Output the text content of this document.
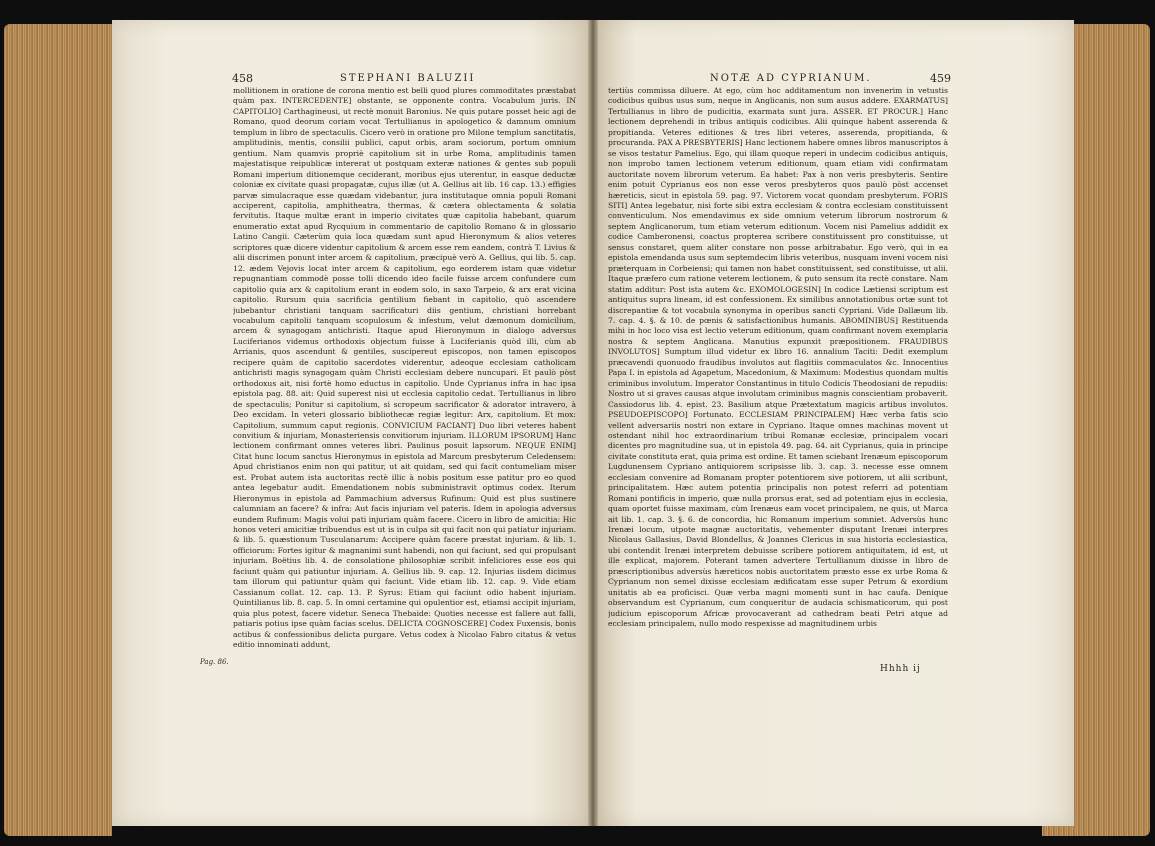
458	STEPHANI BALUZII
Pag. 86.

mollitionem in oratione de corona mentio est belli quod plures commoditates præstabat quàm pax. INTERCEDENTE] obstante, se opponente contra. Vocabulum juris. IN CAPITOLIO] Carthagineusi, ut rectè monuit Baronius. Ne quis putare posset heic agi de Romano, quod deorum coriam vocat Tertullianus in apologetico & damnum omnium templum in libro de spectaculis. Cicero verò in oratione pro Milone templum sanctitatis, amplitudinis, mentis, consilii publici, caput orbis, aram sociorum, portum omnium gentium. Nam quamvis propriè capitolium sit in urbe Roma, amplitudinis tamen majestatisque reipublicæ intererat ut postquam exteræ nationes & gentes sub populi Romani imperium ditionemque ceciderant, moribus ejus uterentur, in easque deductæ coloniæ ex civitate quasi propagatæ, cujus illæ (ut A. Gellius ait lib. 16 cap. 13.) effigies parvæ simulacraque esse quædam videbantur, jura institutaque omnia populi Romani acciperent, capitolia, amphitheatra, thermas, & cætera oblectamenta & solatia fervitutis. Itaque multæ erant in imperio civitates quæ capitolia habebant, quarum enumeratio extat apud Rycquium in commentario de capitolio Romano & in glossario Latino Cangii. Cæterùm quia loca quædam sunt apud Hieronymum & alios veteres scriptores quæ dicere videntur capitolium & arcem esse rem eandem, contrà T. Livius & alii discrimen ponunt inter arcem & capitolium, præcipuè verò A. Gellius, qui lib. 5. cap. 12. ædem Vejovis locat inter arcem & capitolium, ego eorderem istam quæ videtur repugnantiam commodè posse tolli dicendo ideo facile fuisse arcem confundere cum capitolio quia arx & capitolium erant in eodem solo, in saxo Tarpeio, & arx erat vicina capitolio. Rursum quia sacrificia gentilium fiebant in capitolio, quò ascendere jubebantur christiani tanquam sacrificaturi diis gentium, christiani horrebant vocabulum capitolii tanquam scopulosum & infestum, velut dæmonum domicilium, arcem & synagogam antichristi. Itaque apud Hieronymum in dialogo adversus Luciferianos videmus orthodoxis objectum fuisse à Luciferianis quòd illi, cùm ab Arrianis, quos ascendunt & gentiles, suscipereut episcopos, non tamen episcopos recipere quàm de capitolio sacerdotes viderentur, adeoque ecclesiam catholicam antichristi magis synagogam quàm Christi ecclesiam debere nuncupari. Et paulò pòst orthodoxus ait, nisi fortè homo eductus in capitolio. Unde Cyprianus infra in hac ipsa epistola pag. 88. ait: Quid superest nisi ut ecclesia capitolio cedat. Tertullianus in libro de spectaculis; Ponitur si capitolium, si scropeum sacrificator & adorator intravero, à Deo excidam. In veteri glossario bibliothecæ regiæ legitur: Arx, capitolium. Et mox: Capitolium, summum caput regionis. CONVICIUM FACIANT] Duo libri veteres habent convitium & injuriam, Monasteriensis convitiorum injuriam. ILLORUM IPSORUM] Hanc lectionem confirmant omnes veteres libri. Paulinus posuit lapsorum. NEQUE ENIM] Citat hunc locum sanctus Hieronymus in epistola ad Marcum presbyterum Celedensem: Apud christianos enim non qui patitur, ut ait quidam, sed qui facit contumeliam miser est. Probat autem ista auctoritas rectè illic à nobis positum esse patitur pro eo quod antea legebatur audit. Emendationem nobis subministravit optimus codex. Iterum Hieronymus in epistola ad Pammachium adversus Rufinum: Quid est plus sustinere calumniam an facere? & infra: Aut facis injuriam vel pateris. Idem in apologia adversus eundem Rufinum: Magis volui pati injuriam quàm facere. Cicero in libro de amicitia: Hic honos veteri amicitiæ tribuendus est ut is in culpa sit qui facit non qui patiatur injuriam. & lib. 5. quæstionum Tusculanarum: Accipere quàm facere præstat injuriam. & lib. 1. officiorum: Fortes igitur & magnanimi sunt habendi, non qui faciunt, sed qui propulsant injuriam. Boëtius lib. 4. de consolatione philosophiæ scribit infeliciores esse eos qui faciunt quàm qui patiuntur injuriam. A. Gellius lib. 9. cap. 12. Injurias iisdem dicimus tam illorum qui patiuntur quàm qui faciunt. Vide etiam lib. 12. cap. 9. Vide etiam Cassianum collat. 12. cap. 13. P. Syrus: Etiam qui faciunt odio habent injuriam. Quintilianus lib. 8. cap. 5. In omni certamine qui opulentior est, etiamsi accipit injuriam, quia plus potest, facere videtur. Seneca Thebaide: Quoties necesse est fallere aut falli, patiaris potius ipse quàm facias scelus. DELICTA COGNOSCERE] Codex Fuxensis, bonis actibus & confessionibus delicta purgare. Vetus codex à Nicolao Fabro citatus & vetus editio innominati addunt,

NOTÆ AD CYPRIANUM.	459

tertiùs commissa diluere. At ego, cùm hoc additamentum non invenerim in vetustis codicibus quibus usus sum, neque in Anglicanis, non sum ausus addere. EXARMATUS] Tertullianus in libro de pudicitia, exarmata sunt jura. ASSER. ET PROCUR.] Hanc lectionem deprehendi in tribus antiquis codicibus. Alii quinque habent asserenda & propitianda. Veteres editiones & tres libri veteres, asserenda, propitianda, & procuranda. PAX A PRESBYTERIS] Hanc lectionem habere omnes libros manuscriptos à se visos testatur Pamelius. Ego, qui illam quoque reperi in undecim codicibus antiquis, non improbo tamen lectionem veterum editionum, quam etiam vidi confirmatam auctoritate novem librorum veterum. Ea habet: Pax à non veris presbyteris. Sentire enim potuit Cyprianus eos non esse veros presbyteros quos paulò pòst accenset hæreticis, sicut in epistola 59. pag. 97. Victorem vocat quondam presbyterum. FORIS SITI] Antea legebatur, nisi forte sibi extra ecclesiam & contra ecclesiam constituissent conventiculum. Nos emendavimus ex side omnium veterum librorum nostrorum & septem Anglicanorum, tum etiam veterum editionum. Vocem nisi Pamelius addidit ex codice Camberonensi, coactus propterea scribere constituissent pro constituisse, ut sensus constaret, quem aliter constare non posse arbitrabatur. Ego verò, qui in ea epistola emendanda usus sum septemdecim libris veteribus, nusquam inveni vocem nisi præterquam in Corbeiensi; qui tamen non habet constituissent, sed constituisse, ut alii. Itaque præfero cum ratione veterem lectionem, & puto sensum ita rectè constare. Nam statim additur: Post ista autem &c. EXOMOLOGESIN] In codice Lætiensi scriptum est antiquitus supra lineam, id est confessionem. Ex similibus annotationibus ortæ sunt tot discrepantiæ & tot vocabula synonyma in operibus sancti Cypriani. Vide Dallæum lib. 7. cap. 4. §. & 10. de pœnis & satisfactionibus humanis. ABOMINIBUS] Restituenda mihi in hoc loco visa est lectio veterum editionum, quam confirmant novem exemplaria nostra & septem Anglicana. Manutius expunxit præpositionem. FRAUDIBUS INVOLUTOS] Sumptum illud videtur ex libro 16. annalium Taciti: Dedit exemplum præcavendi quonuodo fraudibus involutos aut flagitiis commaculatos &c. Innocentius Papa I. in epistola ad Agapetum, Macedonium, & Maximum: Modestius quondam multis criminibus involutum. Imperator Constantinus in titulo Codicis Theodosiani de repudiis: Nostro ut si graves causas atque involutam criminibus magnis conscientiam probaverit. Cassiodorus lib. 4. epist. 23. Basilium atque Prætextatum magicis artibus involutos. PSEUDOEPISCOPO] Fortunato. ECCLESIAM PRINCIPALEM] Hæc verba fatis scio vellent adversariis nostri non extare in Cypriano. Itaque omnes machinas movent ut ostendant nihil hoc extraordinarium tribui Romanæ ecclesiæ, principalem vocari dicentes pro magnitudine sua, ut in epistola 49. pag. 64. ait Cyprianus, quia in principe civitate constituta erat, quia prima est ordine. Et tamen sciebant Irenæum episcoporum Lugdunensem Cypriano antiquiorem scripsisse lib. 3. cap. 3. necesse esse omnem ecclesiam convenire ad Romanam propter potentiorem sive potiorem, ut alii scribunt, principalitatem. Hæc autem potentia principalis non potest referri ad potentiam Romani pontificis in imperio, quæ nulla prorsus erat, sed ad potentiam ejus in ecclesia, quam oportet fuisse maximam, cùm Irenæus eam vocet principalem, ne quis, ut Marca ait lib. 1. cap. 3. §. 6. de concordia, hic Romanum imperium somniet. Adversùs hunc Irenæi locum, utpote magnæ auctoritatis, vehementer disputant Irenæi interpres Nicolaus Gallasius, David Blondellus, & Joannes Clericus in sua historia ecclesiastica, ubi contendit Irenæi interpretem debuisse scribere potiorem antiquitatem, id est, ut ille explicat, majorem. Poterant tamen advertere Tertullianum dixisse in libro de præscriptionibus adversùs hæreticos nobis auctoritatem præsto esse ex urbe Roma & Cyprianum non semel dixisse ecclesiam ædificatam esse super Petrum & exordium unitatis ab ea proficisci. Quæ verba magni momenti sunt in hac caufa. Denique observandum est Cyprianum, cum conqueritur de audacia schismaticorum, qui post judicium episcoporum Africæ provocaverant ad cathedram beati Petri atque ad ecclesiam principalem, nullo modo respexisse ad magnitudinem urbis

Hhhh ij
